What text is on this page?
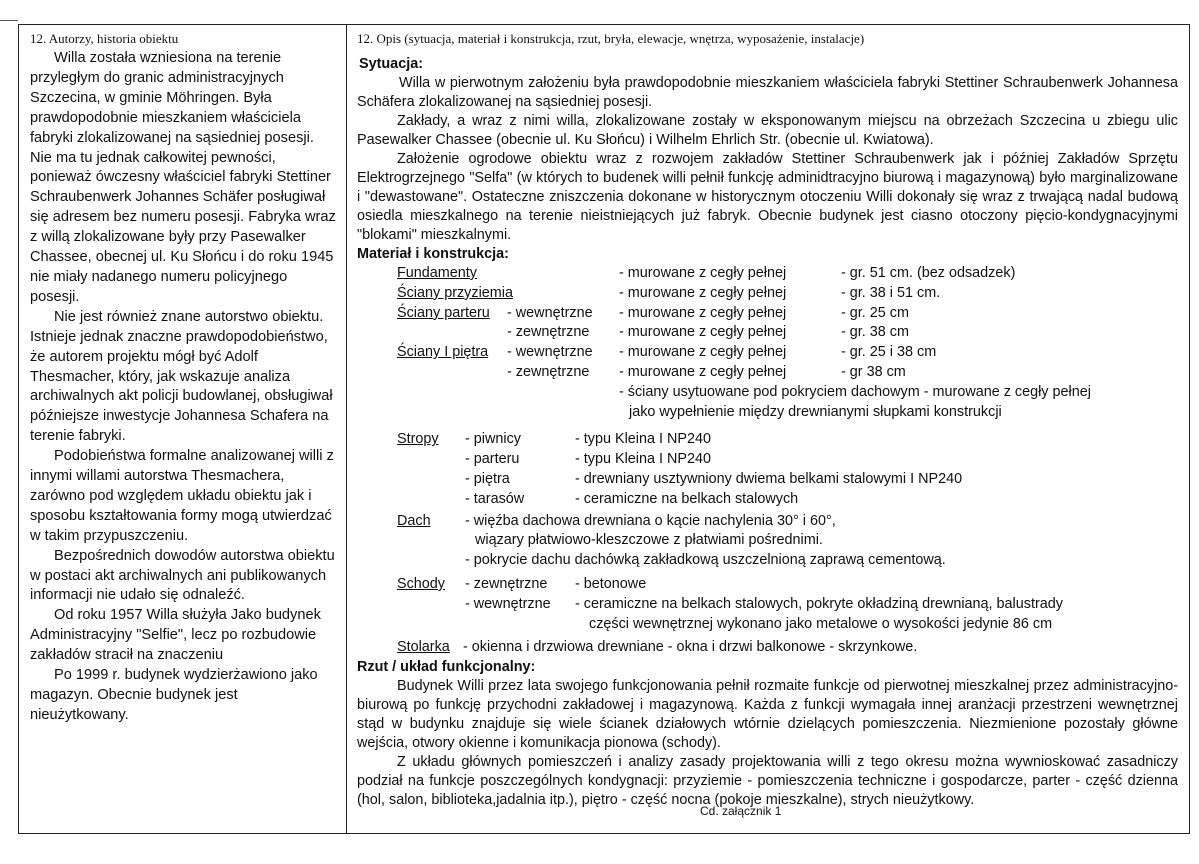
12. Autorzy, historia obiektu

Willa została wzniesiona na terenie przyległym do granic administracyjnych Szczecina, w gminie Möhringen. Była prawdopodobnie mieszkaniem właściciela fabryki zlokalizowanej na sąsiedniej posesji. Nie ma tu jednak całkowitej pewności, ponieważ ówczesny właściciel fabryki Stettiner Schraubenwerk Johannes Schäfer posługiwał się adresem bez numeru posesji. Fabryka wraz z willą zlokalizowane były przy Pasewalker Chassee, obecnej ul. Ku Słońcu i do roku 1945 nie miały nadanego numeru policyjnego posesji.

Nie jest również znane autorstwo obiektu. Istnieje jednak znaczne prawdopodobieństwo, że autorem projektu mógł być Adolf Thesmacher, który, jak wskazuje analiza archiwalnych akt policji budowlanej, obsługiwał późniejsze inwestycje Johannesa Schafera na terenie fabryki.

Podobieństwa formalne analizowanej willi z innymi willami autorstwa Thesmachera, zarówno pod względem układu obiektu jak i sposobu kształtowania formy mogą utwierdzać w takim przypuszczeniu.

Bezpośrednich dowodów autorstwa obiektu w postaci akt archiwalnych ani publikowanych informacji nie udało się odnaleźć.

Od roku 1957 Willa służyła Jako budynek Administracyjny "Selfie", lecz po rozbudowie zakładów stracił na znaczeniu

Po 1999 r. budynek wydzierżawiono jako magazyn. Obecnie budynek jest nieużytkowany.

12. Opis (sytuacja, materiał i konstrukcja, rzut, bryła, elewacje, wnętrza, wyposażenie, instalacje)
Sytuacja:

Willa w pierwotnym założeniu była prawdopodobnie mieszkaniem właściciela fabryki Stettiner Schraubenwerk Johannesa Schäfera zlokalizowanej na sąsiedniej posesji.

Zakłady, a wraz z nimi willa, zlokalizowane zostały w eksponowanym miejscu na obrzeżach Szczecina u zbiegu ulic Pasewalker Chassee (obecnie ul. Ku Słońcu) i Wilhelm Ehrlich Str. (obecnie ul. Kwiatowa).

Założenie ogrodowe obiektu wraz z rozwojem zakładów Stettiner Schraubenwerk jak i później Zakładów Sprzętu Elektrogrzejnego "Selfa" (w których to budenek willi pełnił funkcję adminidtracyjno biurową i magazynową) było marginalizowane i "dewastowane". Ostateczne zniszczenia dokonane w historycznym otoczeniu Willi dokonały się wraz z trwającą nadal budową osiedla mieszkalnego na terenie nieistniejących już fabryk. Obecnie budynek jest ciasno otoczony pięcio-kondygnacyjnymi "blokami" mieszkalnymi.

Materiał i konstrukcja:
Fundamenty	- murowane z cegły pełnej	- gr. 51 cm. (bez odsadzek)
Ściany przyziemia	- murowane z cegły pełnej	- gr. 38 i 51 cm.
Ściany parteru - wewnętrzne - murowane z cegły pełnej	- gr. 25 cm
- zewnętrzne - murowane z cegły pełnej	- gr. 38 cm
Ściany I piętra - wewnętrzne - murowane z cegły pełnej	- gr. 25 i 38 cm
- zewnętrzne - murowane z cegły pełnej	- gr 38 cm
- ściany usytuowane pod pokryciem dachowym - murowane z cegły pełnej
jako wypełnienie między drewnianymi słupkami konstrukcji
Stropy - piwnicy	- typu Kleina I NP240
- parteru	- typu Kleina I NP240
- piętra	- drewniany usztywniony dwiema belkami stalowymi I NP240
- tarasów	- ceramiczne na belkach stalowych
Dach - więźba dachowa drewniana o kącie nachylenia 30° i 60°,
wiązary płatwiowo-kleszczowe z płatwiami pośrednimi.
- pokrycie dachu dachówką zakładkową uszczelnioną zaprawą cementową.
Schody - zewnętrzne - betonowe
- wewnętrzne - ceramiczne na belkach stalowych, pokryte okładziną drewnianą, balustrady
części wewnętrznej wykonano jako metalowe o wysokości jedynie 86 cm
Stolarka - okienna i drzwiowa drewniane - okna i drzwi balkonowe - skrzynkowe.
Rzut / układ funkcjonalny:

Budynek Willi przez lata swojego funkcjonowania pełnił rozmaite funkcje od pierwotnej mieszkalnej przez administracyjno-biurową po funkcję przychodni zakładowej i magazynową. Każda z funkcji wymagała innej aranżacji przestrzeni wewnętrznej stąd w budynku znajduje się wiele ścianek działowych wtórnie dzielących pomieszczenia. Niezmienione pozostały główne wejścia, otwory okienne i komunikacja pionowa (schody).

Z układu głównych pomieszczeń i analizy zasady projektowania willi z tego okresu można wywnioskować zasadniczy podział na funkcje poszczególnych kondygnacji: przyziemie - pomieszczenia techniczne i gospodarcze, parter - część dzienna (hol, salon, biblioteka,jadalnia itp.), piętro - część nocna (pokoje mieszkalne), strych nieużytkowy.

Cd. załącznik 1
